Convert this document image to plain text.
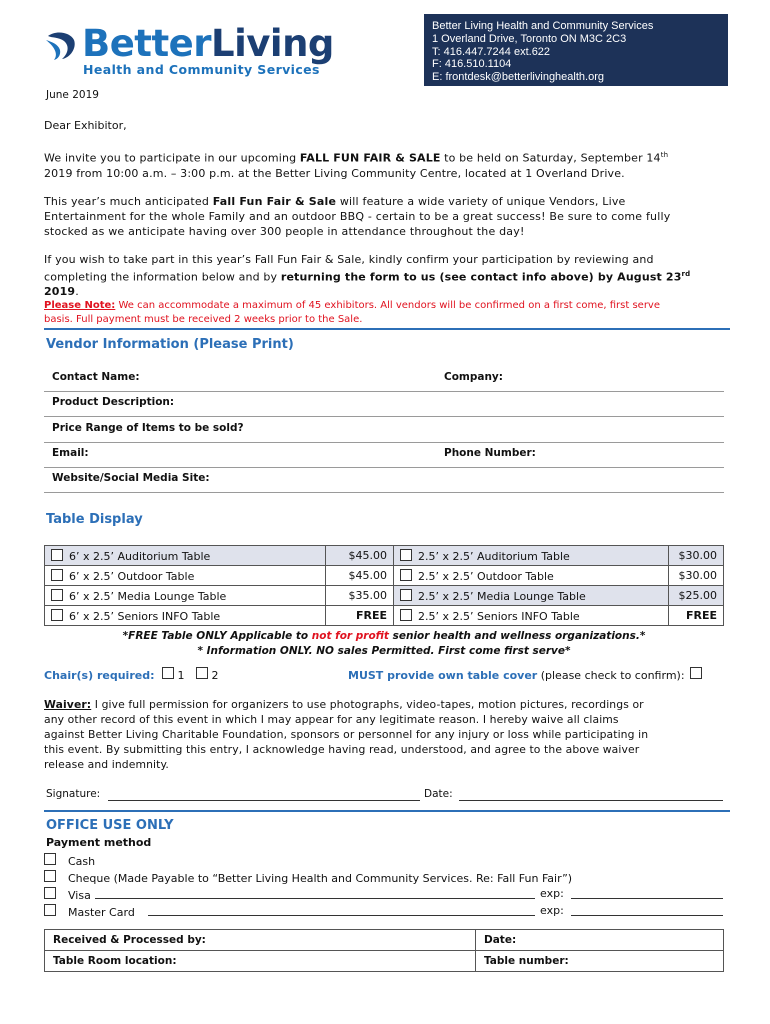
BetterLiving
Health and Community Services
Better Living Health and Community Services
1 Overland Drive, Toronto ON M3C 2C3
T: 416.447.7244 ext.622
F: 416.510.1104
E: frontdesk@betterlivinghealth.org
June 2019
Dear Exhibitor,
We invite you to participate in our upcoming FALL FUN FAIR & SALE to be held on Saturday, September 14th
2019 from 10:00 a.m. – 3:00 p.m. at the Better Living Community Centre, located at 1 Overland Drive.
This year’s much anticipated Fall Fun Fair & Sale will feature a wide variety of unique Vendors, Live
Entertainment for the whole Family and an outdoor BBQ - certain to be a great success! Be sure to come fully
stocked as we anticipate having over 300 people in attendance throughout the day!
If you wish to take part in this year’s Fall Fun Fair & Sale, kindly confirm your participation by reviewing and
completing the information below and by returning the form to us (see contact info above) by August 23rd
2019.
Please Note: We can accommodate a maximum of 45 exhibitors. All vendors will be confirmed on a first come, first serve
basis. Full payment must be received 2 weeks prior to the Sale.
Vendor Information (Please Print)
Contact Name:	Company:
Product Description:
Price Range of Items to be sold?
Email:	Phone Number:
Website/Social Media Site:
Table Display
6’ x 2.5’ Auditorium Table	$45.00	2.5’ x 2.5’ Auditorium Table	$30.00
6’ x 2.5’ Outdoor Table	$45.00	2.5’ x 2.5’ Outdoor Table	$30.00
6’ x 2.5’ Media Lounge Table	$35.00	2.5’ x 2.5’ Media Lounge Table	$25.00
6’ x 2.5’ Seniors INFO Table	FREE	2.5’ x 2.5’ Seniors INFO Table	FREE
*FREE Table ONLY Applicable to not for profit senior health and wellness organizations.*
* Information ONLY. NO sales Permitted. First come first serve*
Chair(s) required: 1 2	MUST provide own table cover (please check to confirm):
Waiver: I give full permission for organizers to use photographs, video-tapes, motion pictures, recordings or
any other record of this event in which I may appear for any legitimate reason. I hereby waive all claims
against Better Living Charitable Foundation, sponsors or personnel for any injury or loss while participating in
this event. By submitting this entry, I acknowledge having read, understood, and agree to the above waiver
release and indemnity.
Signature:	Date:
OFFICE USE ONLY
Payment method
Cash
Cheque (Made Payable to “Better Living Health and Community Services. Re: Fall Fun Fair”)
Visa
Master Card
exp:
exp:
Received & Processed by:	Date:
Table Room location:	Table number:
